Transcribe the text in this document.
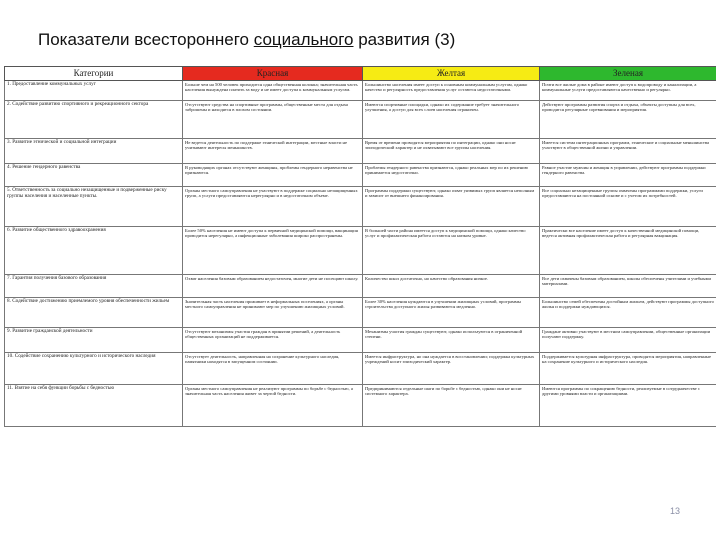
Показатели всестороннего социального развития (3)
Категории	Красная	Желтая	Зеленая
1. Предоставление коммунальных услуг	Больше чем на 500 человек приходится одна общественная колонка; значительная часть населения вынуждена платить за воду и не имеет доступа к коммунальным услугам.	Большинство населения имеет доступ к основным коммунальным услугам, однако качество и регулярность предоставления услуг остаются недостаточными.	Почти все жилые дома в районе имеют доступ к водопроводу и канализации, а коммунальные услуги предоставляются качественно и регулярно.
2. Содействие развитию спортивного и рекреационного сектора	Отсутствуют средства на спортивные программы, общественные места для отдыха заброшены и находятся в плохом состоянии.	Имеются спортивные площадки, однако их содержание требует значительного улучшения, а доступ для всех слоев населения ограничен.	Действуют программы развития спорта и отдыха, объекты доступны для всех, проводятся регулярные соревнования и мероприятия.
3. Развитие этнической и социальной интеграции	Не ведется деятельность по поддержке этнической интеграции, местные власти не учитывают интересы меньшинств.	Время от времени проводятся мероприятия по интеграции, однако они носят эпизодический характер и не охватывают все группы населения.	Имеется система интеграционных программ, этнические и социальные меньшинства участвуют в общественной жизни и управлении.
4. Решение гендерного равенства	В руководящих органах отсутствуют женщины, проблемы гендерного неравенства не признаются.	Проблемы гендерного равенства признаются, однако реальных мер по их решению принимается недостаточно.	Равное участие мужчин и женщин в управлении, действуют программы поддержки гендерного равенства.
5. Ответственность за социально незащищенные и подверженные риску группы населения и населенные пункты.	Органы местного самоуправления не участвуют в поддержке социально незащищенных групп, а услуги предоставляются нерегулярно и в недостаточном объеме.	Программы поддержки существуют, однако охват уязвимых групп является неполным и зависит от внешнего финансирования.	Все социально незащищенные группы охвачены программами поддержки, услуги предоставляются на постоянной основе и с учетом их потребностей.
6. Развитие общественного здравоохранения	Более 50% населения не имеют доступа к первичной медицинской помощи, вакцинация проводится нерегулярно, а инфекционные заболевания широко распространены.	В большей части района имеется доступ к медицинской помощи, однако качество услуг и профилактическая работа остаются на низком уровне.	Практически все население имеет доступ к качественной медицинской помощи, ведется активная профилактическая работа и регулярная вакцинация.
7. Гарантия получения базового образования	Охват населения базовым образованием недостаточен, многие дети не посещают школу.	Количество школ достаточно, но качество образования низкое.	Все дети охвачены базовым образованием, школы обеспечены учителями и учебными материалами.
8. Содействие достижению приемлемого уровня обеспеченности жильем	Значительная часть населения проживает в неформальных поселениях, а органы местного самоуправления не принимают мер по улучшению жилищных условий.	Более 30% населения нуждаются в улучшении жилищных условий, программы строительства доступного жилья развиваются медленно.	Большинство семей обеспечены достойным жильем, действуют программы доступного жилья и поддержки нуждающихся.
9. Развитие гражданской деятельности	Отсутствуют механизмы участия граждан в принятии решений, а деятельность общественных организаций не поддерживается.	Механизмы участия граждан существуют, однако используются в ограниченной степени.	Граждане активно участвуют в местном самоуправлении, общественные организации получают поддержку.
10. Содействие сохранению культурного и исторического наследия	Отсутствует деятельность, направленная на сохранение культурного наследия, памятники находятся в запущенном состоянии.	Имеется инфраструктура, но она нуждается в восстановлении; поддержка культурных учреждений носит эпизодический характер.	Поддерживается культурная инфраструктура, проводятся мероприятия, направленные на сохранение культурного и исторического наследия.
11. Взятие на себя функции борьбы с бедностью	Органы местного самоуправления не реализуют программы по борьбе с бедностью, а значительная часть населения живет за чертой бедности.	Предпринимаются отдельные шаги по борьбе с бедностью, однако они не носят системного характера.	Имеются программы по сокращению бедности, реализуемые в сотрудничестве с другими уровнями власти и организациями.
13
